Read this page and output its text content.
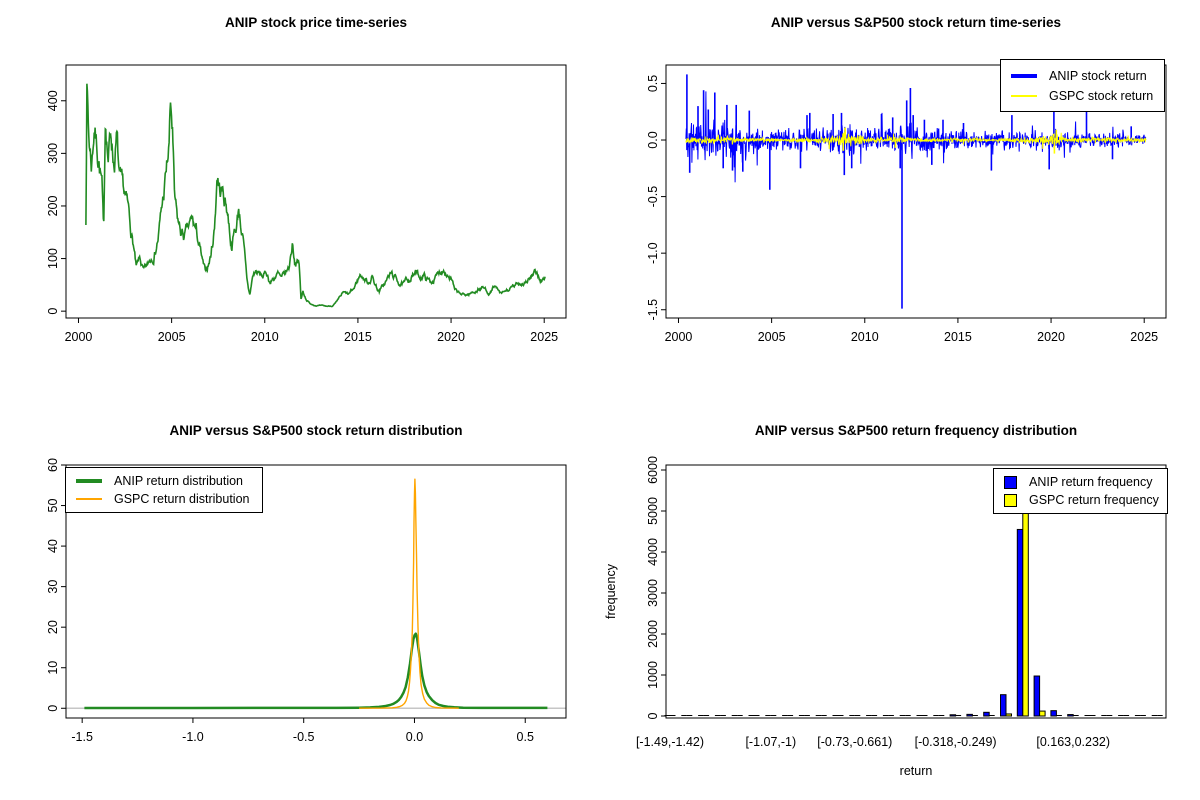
2000	2005	2010	2015	2020	2025
0
100
200
300
400
ANIP stock price time-series
2000	2005	2010	2015	2020	2025
0.5
0.0
-0.5
-1.0
-1.5
ANIP versus S&P500 stock return time-series
ANIP stock return
GSPC stock return
-1.5	-1.0	-0.5	0.0	0.5
0
10
20
30
40
50
60
ANIP versus S&P500 stock return distribution
ANIP return distribution
GSPC return distribution
[-1.49,-1.42)	[-1.07,-1) [-0.73,-0.661) [-0.318,-0.249)	[0.163,0.232)
0
1000
2000
3000
4000
5000
6000
frequency
return
ANIP versus S&P500 return frequency distribution
ANIP return frequency
GSPC return frequency
